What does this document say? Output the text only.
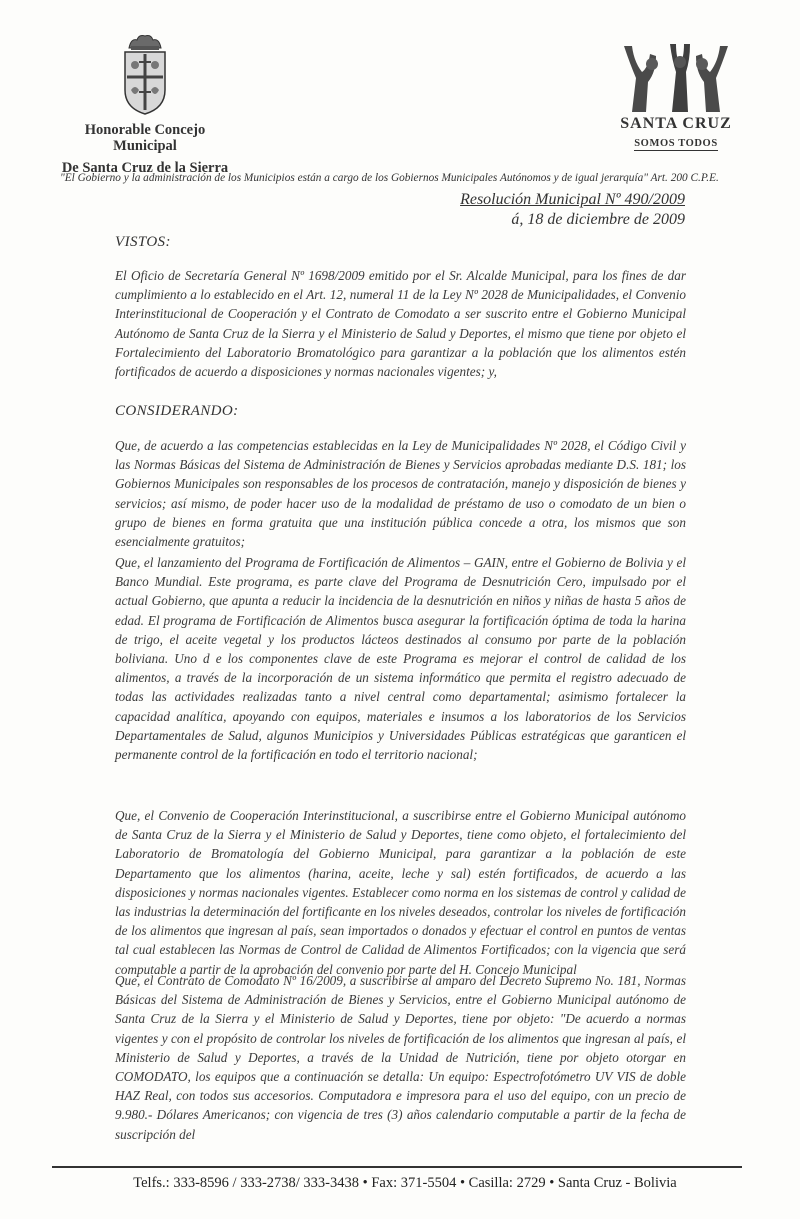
Honorable Concejo Municipal
De Santa Cruz de la Sierra
SANTA CRUZ
SOMOS TODOS
"El Gobierno y la administración de los Municipios están a cargo de los Gobiernos Municipales Autónomos y de igual jerarquía" Art. 200 C.P.E.
Resolución Municipal Nº 490/2009
á, 18 de diciembre de 2009
VISTOS:
El Oficio de Secretaría General Nº 1698/2009 emitido por el Sr. Alcalde Municipal, para los fines de dar cumplimiento a lo establecido en el Art. 12, numeral 11 de la Ley Nº 2028 de Municipalidades, el Convenio Interinstitucional de Cooperación y el Contrato de Comodato a ser suscrito entre el Gobierno Municipal Autónomo de Santa Cruz de la Sierra y el Ministerio de Salud y Deportes, el mismo que tiene por objeto el Fortalecimiento del Laboratorio Bromatológico para garantizar a la población que los alimentos estén fortificados de acuerdo a disposiciones y normas nacionales vigentes; y,
CONSIDERANDO:
Que, de acuerdo a las competencias establecidas en la Ley de Municipalidades Nº 2028, el Código Civil y las Normas Básicas del Sistema de Administración de Bienes y Servicios aprobadas mediante D.S. 181; los Gobiernos Municipales son responsables de los procesos de contratación, manejo y disposición de bienes y servicios; así mismo, de poder hacer uso de la modalidad de préstamo de uso o comodato de un bien o grupo de bienes en forma gratuita que una institución pública concede a otra, los mismos que son esencialmente gratuitos;
Que, el lanzamiento del Programa de Fortificación de Alimentos – GAIN, entre el Gobierno de Bolivia y el Banco Mundial. Este programa, es parte clave del Programa de Desnutrición Cero, impulsado por el actual Gobierno, que apunta a reducir la incidencia de la desnutrición en niños y niñas de hasta 5 años de edad. El programa de Fortificación de Alimentos busca asegurar la fortificación óptima de toda la harina de trigo, el aceite vegetal y los productos lácteos destinados al consumo por parte de la población boliviana. Uno d e los componentes clave de este Programa es mejorar el control de calidad de los alimentos, a través de la incorporación de un sistema informático que permita el registro adecuado de todas las actividades realizadas tanto a nivel central como departamental; asimismo fortalecer la capacidad analítica, apoyando con equipos, materiales e insumos a los laboratorios de los Servicios Departamentales de Salud, algunos Municipios y Universidades Públicas estratégicas que garanticen el permanente control de la fortificación en todo el territorio nacional;
Que, el Convenio de Cooperación Interinstitucional, a suscribirse entre el Gobierno Municipal autónomo de Santa Cruz de la Sierra y el Ministerio de Salud y Deportes, tiene como objeto, el fortalecimiento del Laboratorio de Bromatología del Gobierno Municipal, para garantizar a la población de este Departamento que los alimentos (harina, aceite, leche y sal) estén fortificados, de acuerdo a las disposiciones y normas nacionales vigentes. Establecer como norma en los sistemas de control y calidad de las industrias la determinación del fortificante en los niveles deseados, controlar los niveles de fortificación de los alimentos que ingresan al país, sean importados o donados y efectuar el control en puntos de ventas tal cual establecen las Normas de Control de Calidad de Alimentos Fortificados; con la vigencia que será computable a partir de la aprobación del convenio por parte del H. Concejo Municipal
Que, el Contrato de Comodato Nº 16/2009, a suscribirse al amparo del Decreto Supremo No. 181, Normas Básicas del Sistema de Administración de Bienes y Servicios, entre el Gobierno Municipal autónomo de Santa Cruz de la Sierra y el Ministerio de Salud y Deportes, tiene por objeto: "De acuerdo a normas vigentes y con el propósito de controlar los niveles de fortificación de los alimentos que ingresan al país, el Ministerio de Salud y Deportes, a través de la Unidad de Nutrición, tiene por objeto otorgar en COMODATO, los equipos que a continuación se detalla: Un equipo: Espectrofotómetro UV VIS de doble HAZ Real, con todos sus accesorios. Computadora e impresora para el uso del equipo, con un precio de 9.980.- Dólares Americanos; con vigencia de tres (3) años calendario computable a partir de la fecha de suscripción del
Telfs.: 333-8596 / 333-2738/ 333-3438 • Fax: 371-5504 • Casilla: 2729 • Santa Cruz - Bolivia
